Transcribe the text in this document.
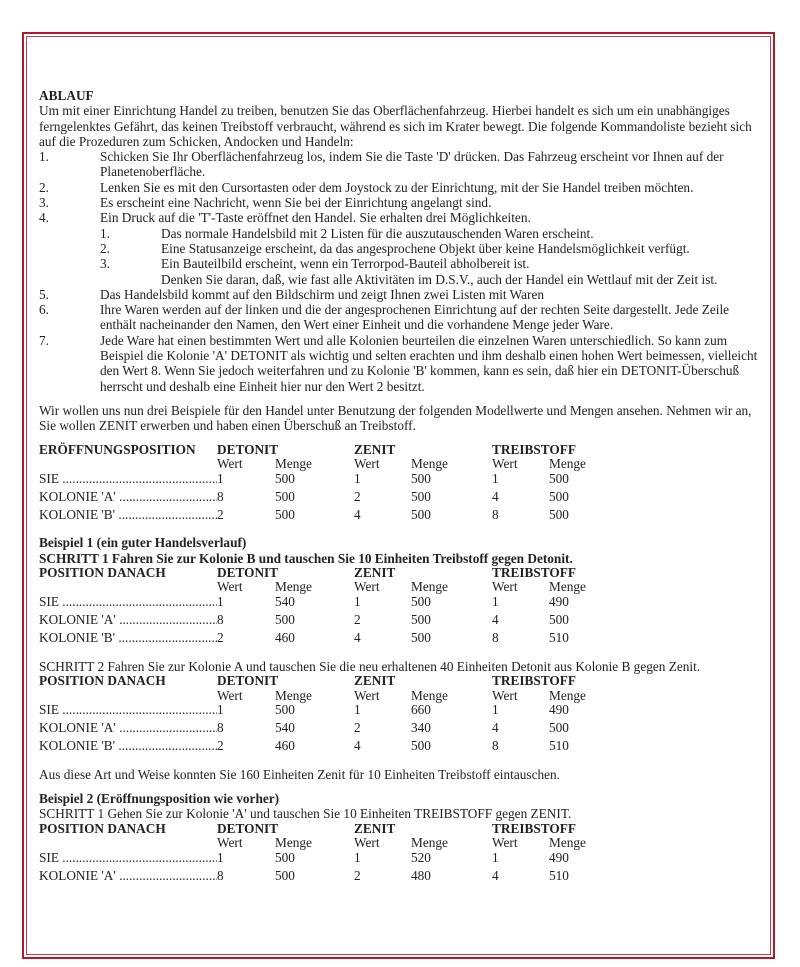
ABLAUF

Um mit einer Einrichtung Handel zu treiben, benutzen Sie das Oberflächenfahrzeug. Hierbei handelt es sich um ein unabhängiges ferngelenktes Gefährt, das keinen Treibstoff verbraucht, während es sich im Krater bewegt. Die folgende Kommandoliste bezieht sich auf die Prozeduren zum Schicken, Andocken und Handeln:

1.	Schicken Sie Ihr Oberflächenfahrzeug los, indem Sie die Taste 'D' drücken. Das Fahrzeug erscheint vor Ihnen auf der Planetenoberfläche.
2.	Lenken Sie es mit den Cursortasten oder dem Joystock zu der Einrichtung, mit der Sie Handel treiben möchten.
3.	Es erscheint eine Nachricht, wenn Sie bei der Einrichtung angelangt sind.
4.	Ein Druck auf die 'T'-Taste eröffnet den Handel. Sie erhalten drei Möglichkeiten.
1.	Das normale Handelsbild mit 2 Listen für die auszutauschenden Waren erscheint.
2.	Eine Statusanzeige erscheint, da das angesprochene Objekt über keine Handelsmöglichkeit verfügt.
3.	Ein Bauteilbild erscheint, wenn ein Terrorpod-Bauteil abholbereit ist.
Denken Sie daran, daß, wie fast alle Aktivitäten im D.S.V., auch der Handel ein Wettlauf mit der Zeit ist.
5.	Das Handelsbild kommt auf den Bildschirm und zeigt Ihnen zwei Listen mit Waren
6.	Ihre Waren werden auf der linken und die der angesprochenen Einrichtung auf der rechten Seite dargestellt. Jede Zeile enthält nacheinander den Namen, den Wert einer Einheit und die vorhandene Menge jeder Ware.
7.	Jede Ware hat einen bestimmten Wert und alle Kolonien beurteilen die einzelnen Waren unterschiedlich. So kann zum Beispiel die Kolonie 'A' DETONIT als wichtig und selten erachten und ihm deshalb einen hohen Wert beimessen, vielleicht den Wert 8. Wenn Sie jedoch weiterfahren und zu Kolonie 'B' kommen, kann es sein, daß hier ein DETONIT-Überschuß herrscht und deshalb eine Einheit hier nur den Wert 2 besitzt.

Wir wollen uns nun drei Beispiele für den Handel unter Benutzung der folgenden Modellwerte und Mengen ansehen. Nehmen wir an, Sie wollen ZENIT erwerben und haben einen Überschuß an Treibstoff.

ERÖFFNUNGSPOSITION	DETONIT		ZENIT		TREIBSTOFF	
	Wert	Menge	Wert	Menge	Wert	Menge
SIE .....	1	500	1	500	1	500
KOLONIE 'A' .....	8	500	2	500	4	500
KOLONIE 'B' .....	2	500	4	500	8	500
Beispiel 1 (ein guter Handelsverlauf)
SCHRITT 1 Fahren Sie zur Kolonie B und tauschen Sie 10 Einheiten Treibstoff gegen Detonit.
POSITION DANACH	DETONIT		ZENIT		TREIBSTOFF	
	Wert	Menge	Wert	Menge	Wert	Menge
SIE .....	1	540	1	500	1	490
KOLONIE 'A' .....	8	500	2	500	4	500
KOLONIE 'B' .....	2	460	4	500	8	510

SCHRITT 2 Fahren Sie zur Kolonie A und tauschen Sie die neu erhaltenen 40 Einheiten Detonit aus Kolonie B gegen Zenit.

POSITION DANACH	DETONIT		ZENIT		TREIBSTOFF	
	Wert	Menge	Wert	Menge	Wert	Menge
SIE .....	1	500	1	660	1	490
KOLONIE 'A' .....	8	540	2	340	4	500
KOLONIE 'B' .....	2	460	4	500	8	510

Aus diese Art und Weise konnten Sie 160 Einheiten Zenit für 10 Einheiten Treibstoff eintauschen.

Beispiel 2 (Eröffnungsposition wie vorher)
SCHRITT 1 Gehen Sie zur Kolonie 'A' und tauschen Sie 10 Einheiten TREIBSTOFF gegen ZENIT.
POSITION DANACH	DETONIT		ZENIT		TREIBSTOFF	
	Wert	Menge	Wert	Menge	Wert	Menge
SIE .....	1	500	1	520	1	490
KOLONIE 'A' .....	8	500	2	480	4	510
